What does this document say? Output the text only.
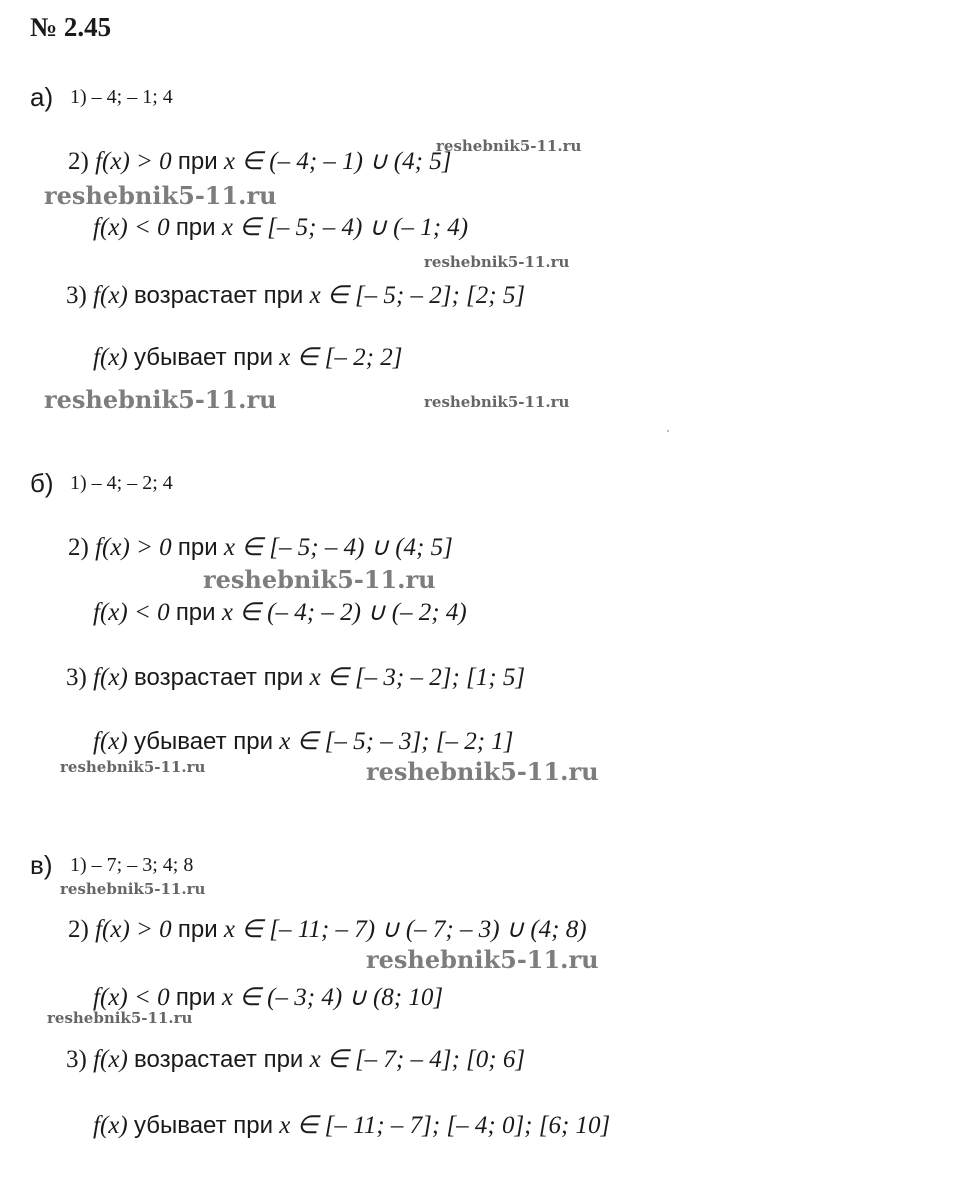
№ 2.45
а) 1) – 4; – 1; 4
2) f(x) > 0 при x ∈ (– 4; – 1) ∪ (4; 5]
f(x) < 0 при x ∈ [– 5; – 4) ∪ (– 1; 4)
3) f(x) возрастает при x ∈ [– 5; – 2]; [2; 5]
f(x) убывает при x ∈ [– 2; 2]
б) 1) – 4; – 2; 4
2) f(x) > 0 при x ∈ [– 5; – 4) ∪ (4; 5]
f(x) < 0 при x ∈ (– 4; – 2) ∪ (– 2; 4)
3) f(x) возрастает при x ∈ [– 3; – 2]; [1; 5]
f(x) убывает при x ∈ [– 5; – 3]; [– 2; 1]
в) 1) – 7; – 3; 4; 8
2) f(x) > 0 при x ∈ [– 11; – 7) ∪ (– 7; – 3) ∪ (4; 8)
f(x) < 0 при x ∈ (– 3; 4) ∪ (8; 10]
3) f(x) возрастает при x ∈ [– 7; – 4]; [0; 6]
f(x) убывает при x ∈ [– 11; – 7]; [– 4; 0]; [6; 10]
reshebnik5-11.ru
reshebnik5-11.ru
reshebnik5-11.ru
reshebnik5-11.ru	reshebnik5-11.ru
reshebnik5-11.ru
reshebnik5-11.ru	reshebnik5-11.ru
reshebnik5-11.ru
reshebnik5-11.ru
reshebnik5-11.ru
